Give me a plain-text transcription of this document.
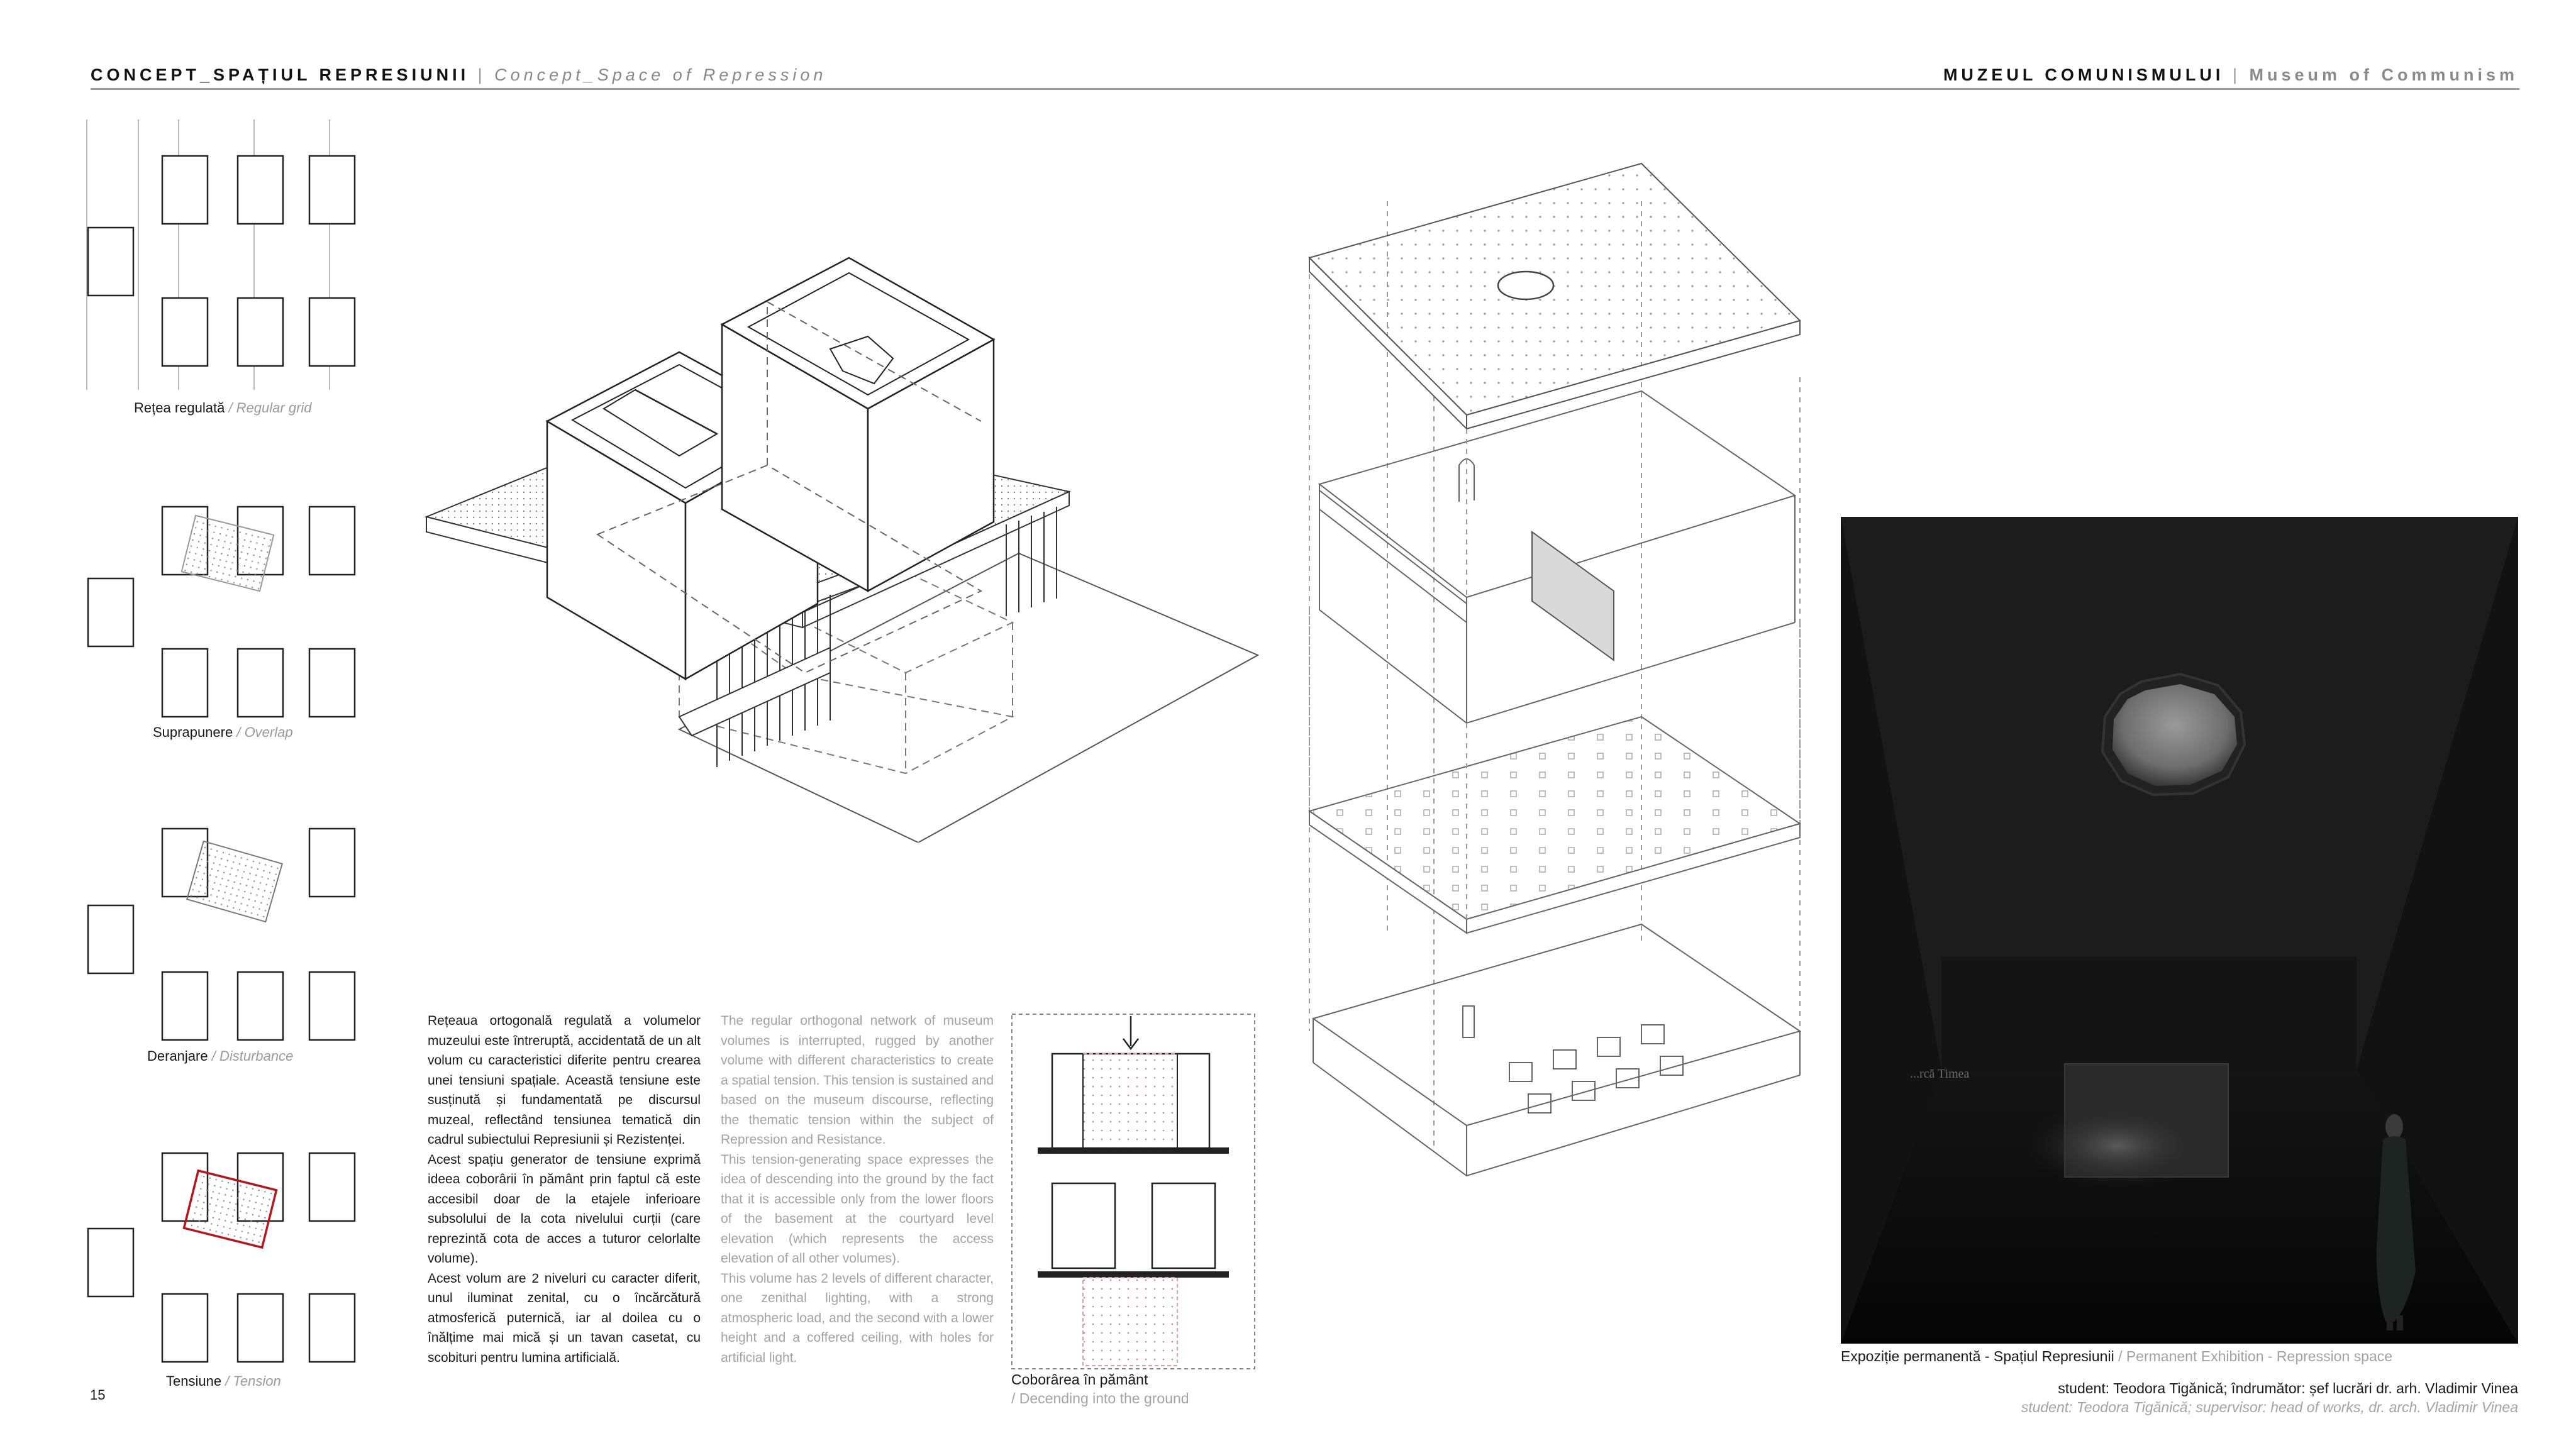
CONCEPT_SPAȚIUL REPRESIUNII | Concept_Space of Repression	MUZEUL COMUNISMULUI | Museum of Communism
Rețea regulată / Regular grid
Suprapunere / Overlap
Deranjare / Disturbance
Tensiune / Tension
15

Rețeaua ortogonală regulată a volumelor muzeului este întreruptă, accidentată de un alt volum cu caracteristici diferite pentru crearea unei tensiuni spațiale. Această tensiune este susținută și fundamentată pe discursul muzeal, reflectând tensiunea tematică din cadrul subiectului Represiunii și Rezistenței.

Acest spațiu generator de tensiune exprimă ideea coborârii în pământ prin faptul că este accesibil doar de la etajele inferioare subsolului de la cota nivelului curții (care reprezintă cota de acces a tuturor celorlalte volume).

Acest volum are 2 niveluri cu caracter diferit, unul iluminat zenital, cu o încărcătură atmosferică puternică, iar al doilea cu o înălțime mai mică și un tavan casetat, cu scobituri pentru lumina artificială.

The regular orthogonal network of museum volumes is interrupted, rugged by another volume with different characteristics to create a spatial tension. This tension is sustained and based on the museum discourse, reflecting the thematic tension within the subject of Repression and Resistance.

This tension-generating space expresses the idea of descending into the ground by the fact that it is accessible only from the lower floors of the basement at the courtyard level elevation (which represents the access elevation of all other volumes).

This volume has 2 levels of different character, one zenithal lighting, with a strong atmospheric load, and the second with a lower height and a coffered ceiling, with holes for artificial light.

Coborârea în pământ
/ Decending into the ground
...rcă Timea
Expoziție permanentă - Spațiul Represiunii / Permanent Exhibition - Repression space
student: Teodora Tigănică; îndrumător: șef lucrări dr. arh. Vladimir Vinea
student: Teodora Tigănică; supervisor: head of works, dr. arch. Vladimir Vinea
